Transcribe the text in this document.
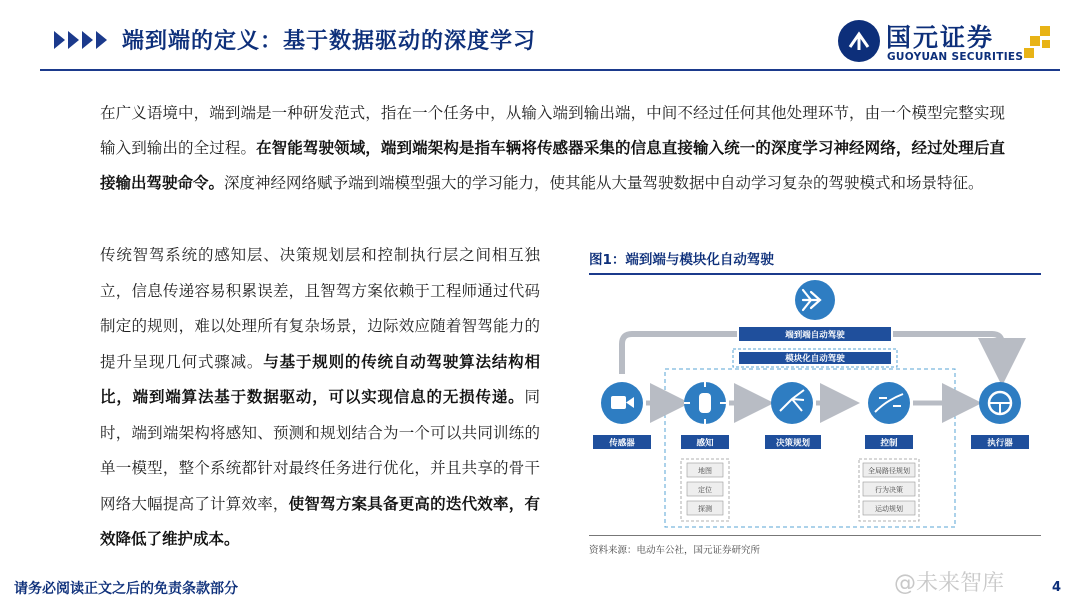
端到端的定义：基于数据驱动的深度学习	国元证券
GUOYUAN SECURITIES
在广义语境中，端到端是一种研发范式，指在一个任务中，从输入端到输出端，中间不经过任何其他处理环节，由一个模型完整实现输入到输出的全过程。在智能驾驶领域，端到端架构是指车辆将传感器采集的信息直接输入统一的深度学习神经网络，经过处理后直接输出驾驶命令。深度神经网络赋予端到端模型强大的学习能力，使其能从大量驾驶数据中自动学习复杂的驾驶模式和场景特征。
传统智驾系统的感知层、决策规划层和控制执行层之间相互独立，信息传递容易积累误差，且智驾方案依赖于工程师通过代码制定的规则，难以处理所有复杂场景，边际效应随着智驾能力的提升呈现几何式骤减。与基于规则的传统自动驾驶算法结构相比，端到端算法基于数据驱动，可以实现信息的无损传递。同时，端到端架构将感知、预测和规划结合为一个可以共同训练的单一模型，整个系统都针对最终任务进行优化，并且共享的骨干网络大幅提高了计算效率，使智驾方案具备更高的迭代效率，有效降低了维护成本。
图1：端到端与模块化自动驾驶
端到端自动驾驶
模块化自动驾驶
传感器	感知	决策规划	控制	执行器
地图
定位
探测
全局路径规划
行为决策
运动规划
资料来源：电动车公社，国元证券研究所
请务必阅读正文之后的免责条款部分	@未来智库	4
